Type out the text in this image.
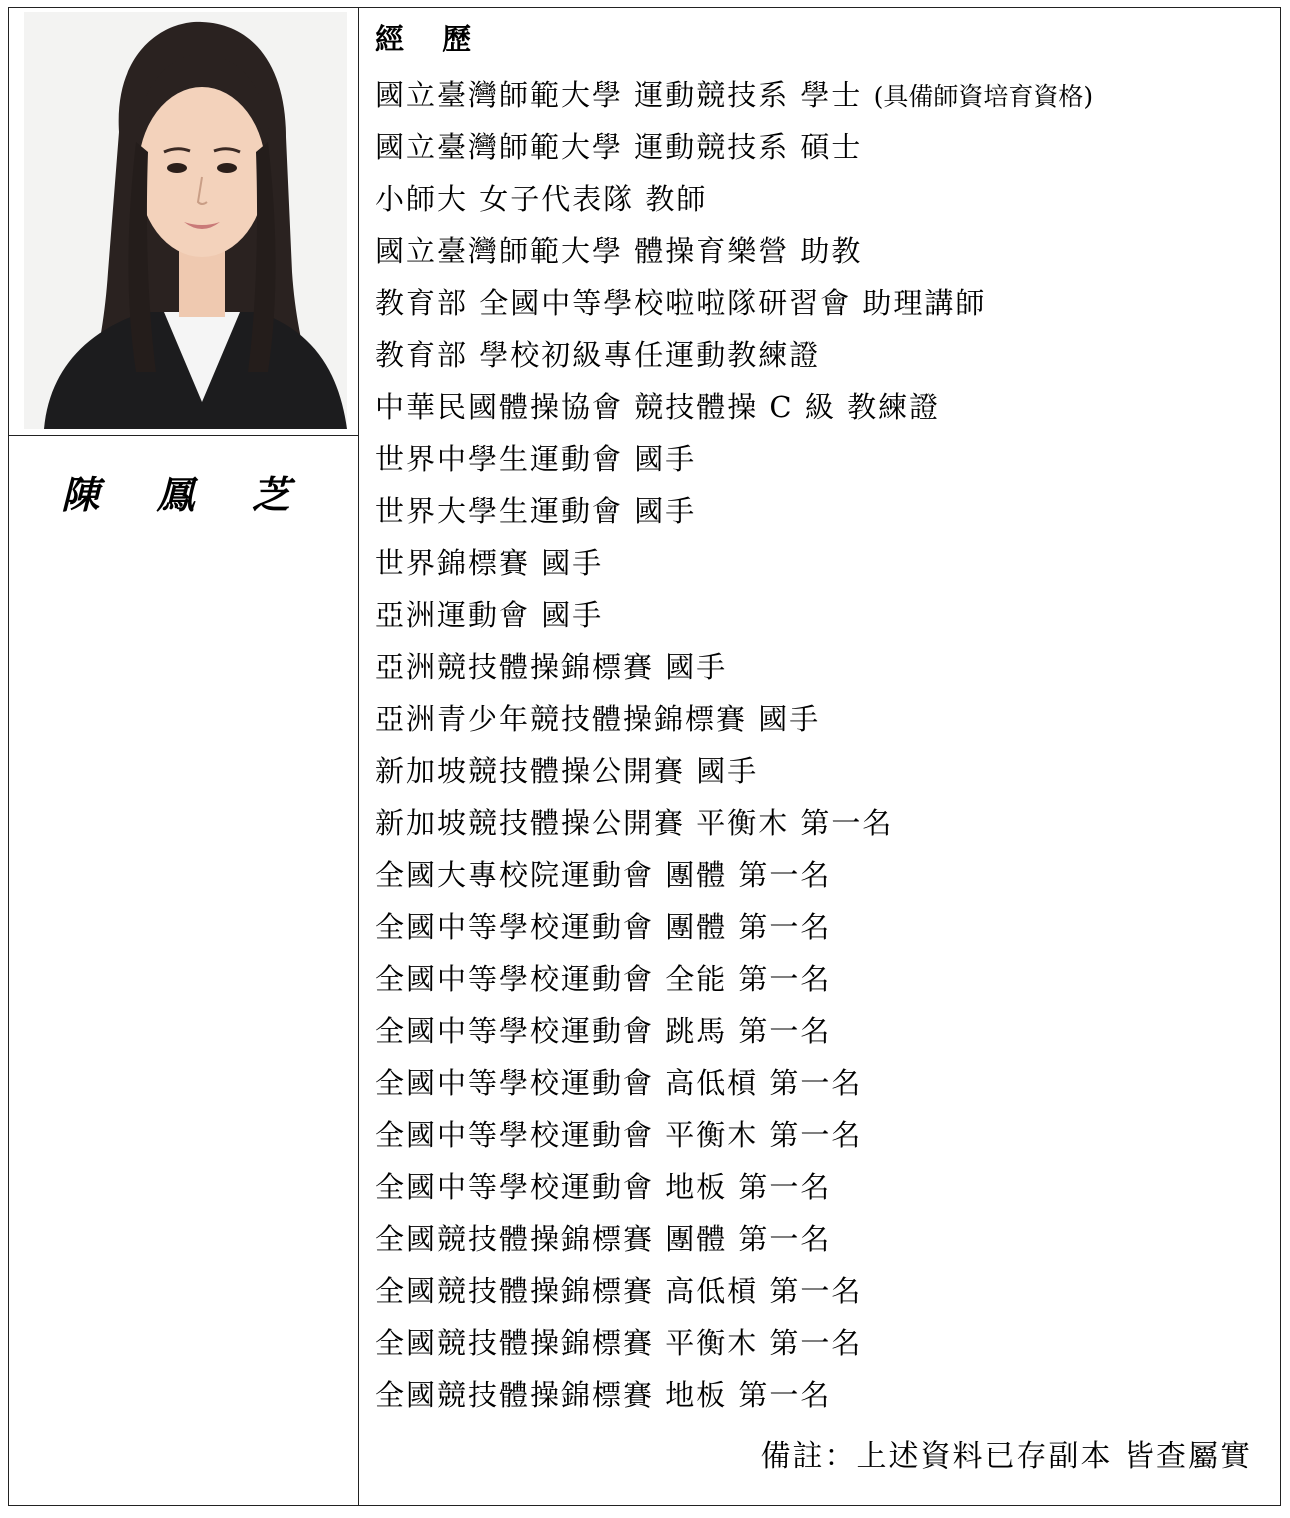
陳 鳳 芝
經 歷
國立臺灣師範大學 運動競技系 學士 (具備師資培育資格)
國立臺灣師範大學 運動競技系 碩士
小師大 女子代表隊 教師
國立臺灣師範大學 體操育樂營 助教
教育部 全國中等學校啦啦隊研習會 助理講師
教育部 學校初級專任運動教練證
中華民國體操協會 競技體操 C 級 教練證
世界中學生運動會 國手
世界大學生運動會 國手
世界錦標賽 國手
亞洲運動會 國手
亞洲競技體操錦標賽 國手
亞洲青少年競技體操錦標賽 國手
新加坡競技體操公開賽 國手
新加坡競技體操公開賽 平衡木 第一名
全國大專校院運動會 團體 第一名
全國中等學校運動會 團體 第一名
全國中等學校運動會 全能 第一名
全國中等學校運動會 跳馬 第一名
全國中等學校運動會 高低槓 第一名
全國中等學校運動會 平衡木 第一名
全國中等學校運動會 地板 第一名
全國競技體操錦標賽 團體 第一名
全國競技體操錦標賽 高低槓 第一名
全國競技體操錦標賽 平衡木 第一名
全國競技體操錦標賽 地板 第一名
備註：上述資料已存副本 皆查屬實
